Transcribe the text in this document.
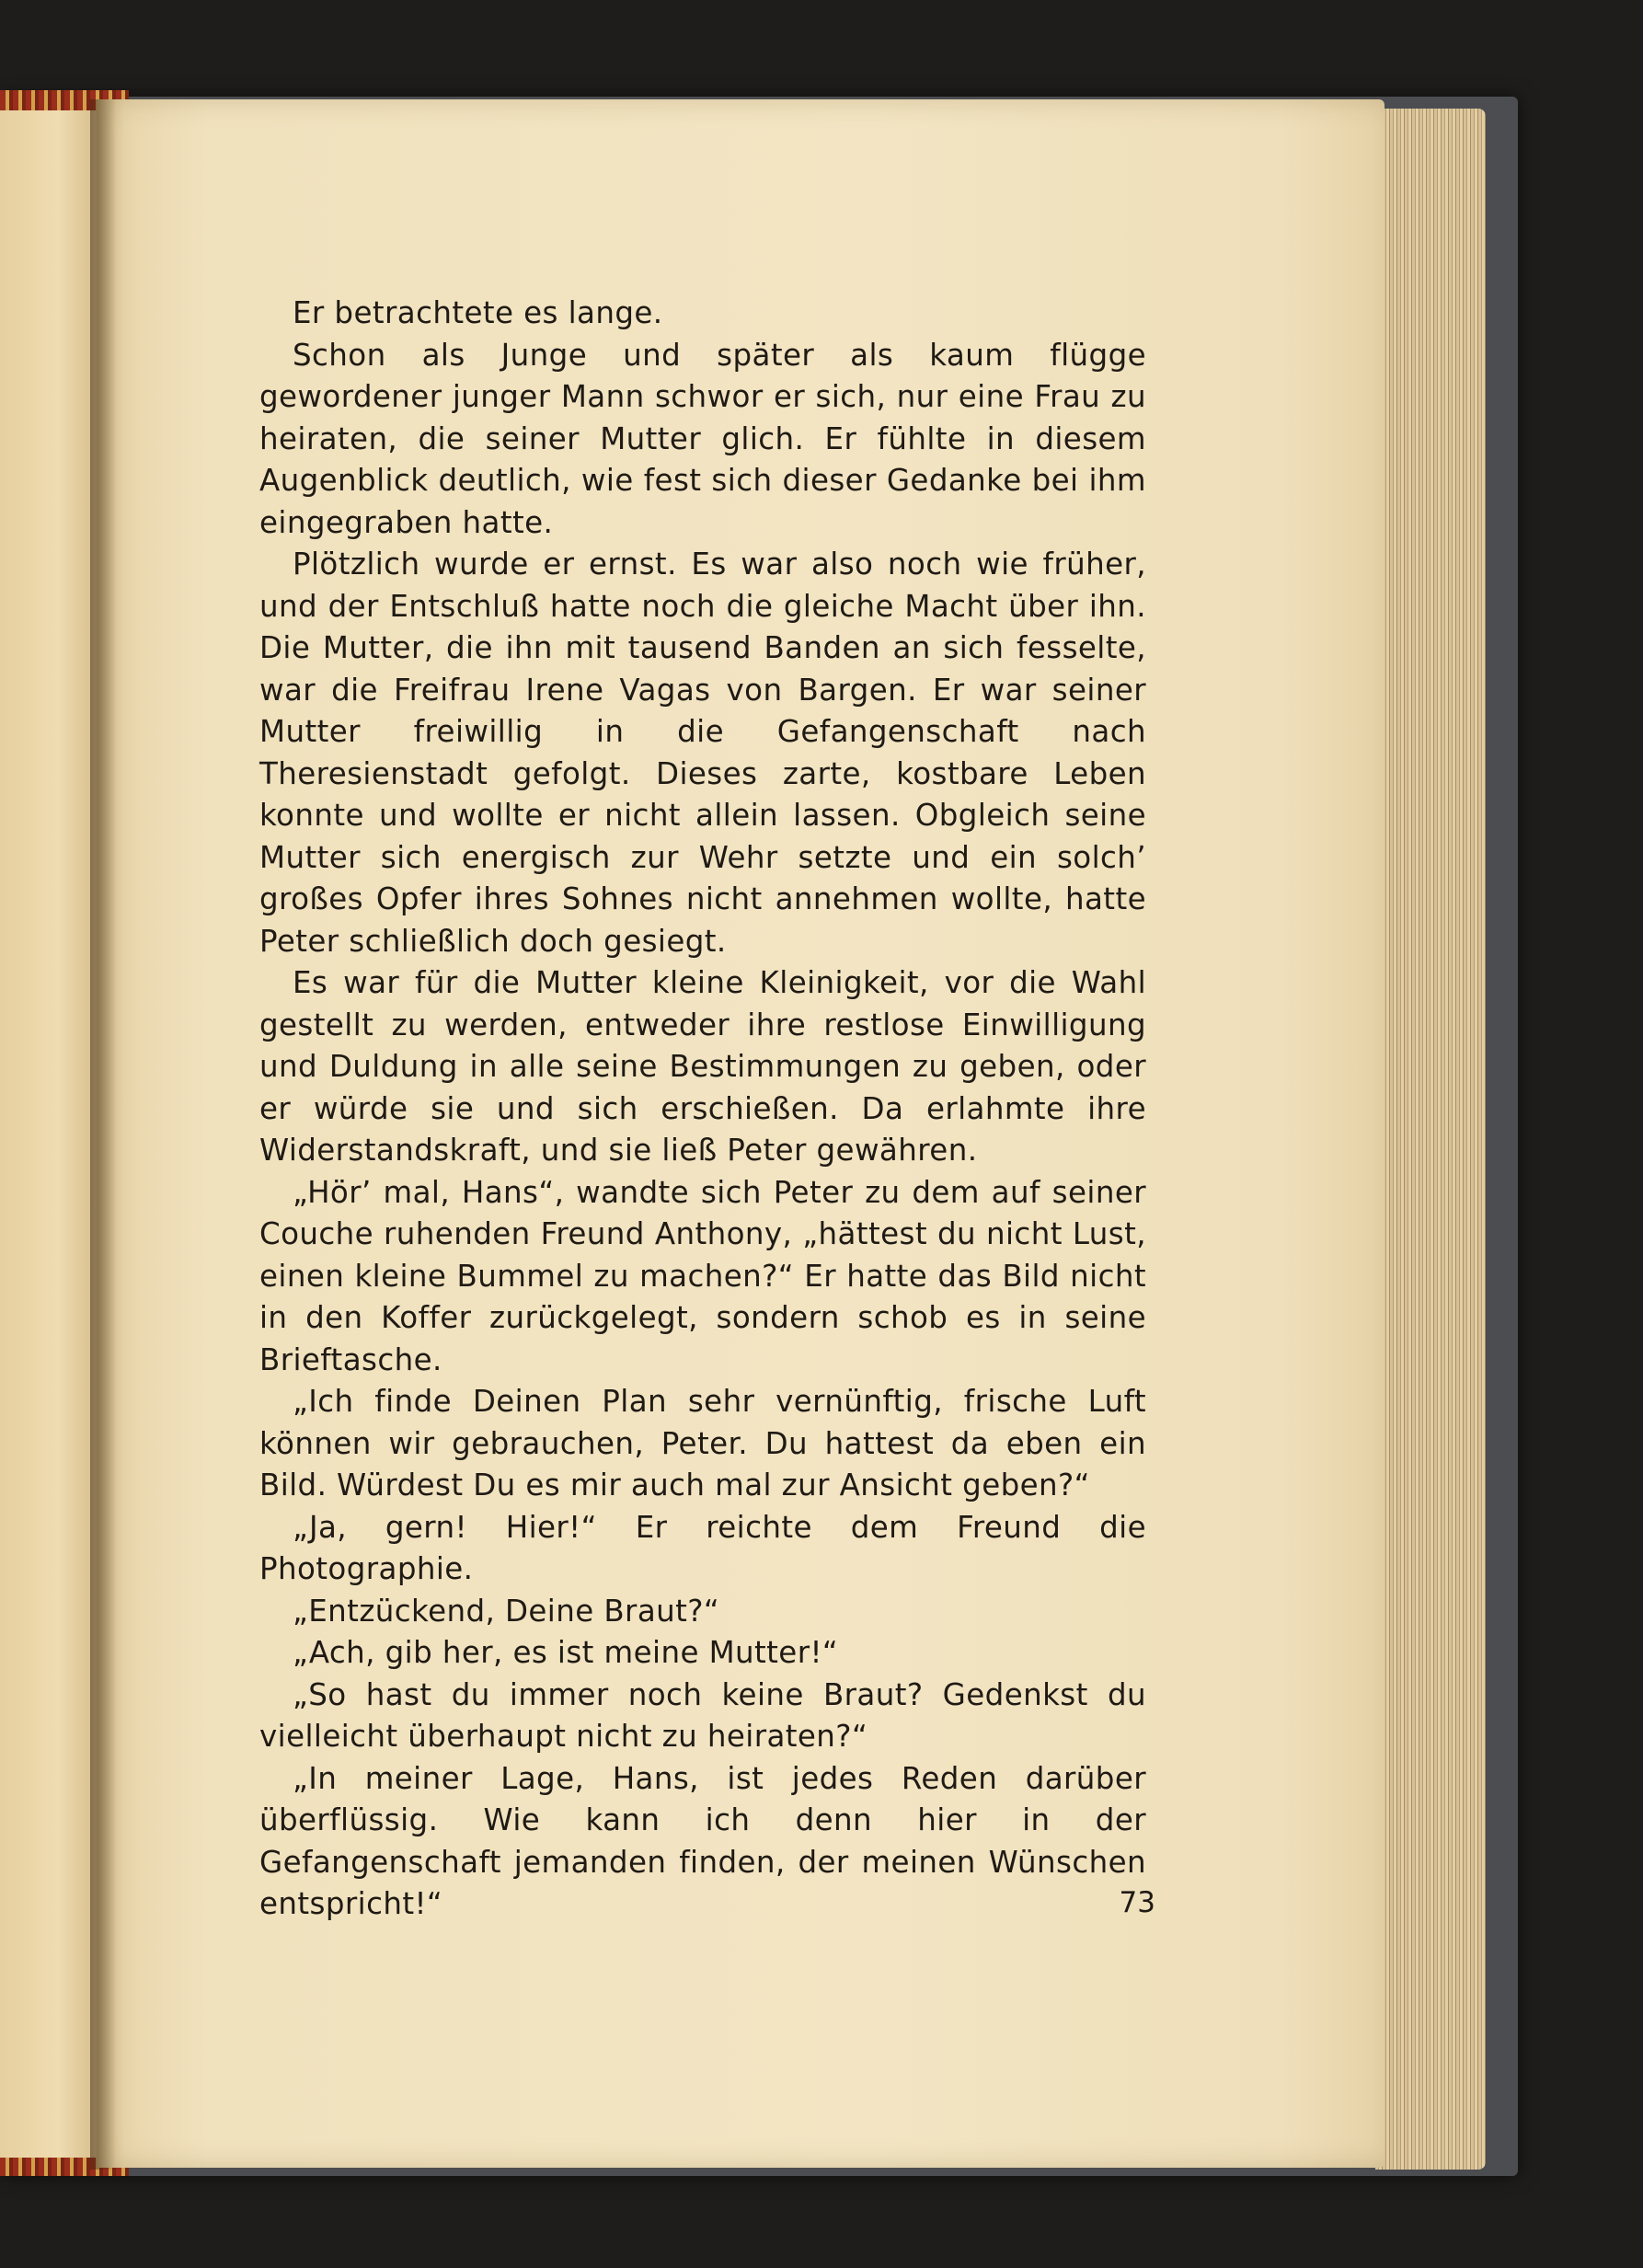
Er betrachtete es lange.

Schon als Junge und später als kaum flügge gewordener junger Mann schwor er sich, nur eine Frau zu heiraten, die seiner Mutter glich. Er fühlte in diesem Augenblick deutlich, wie fest sich dieser Gedanke bei ihm eingegraben hatte.

Plötzlich wurde er ernst. Es war also noch wie früher, und der Entschluß hatte noch die gleiche Macht über ihn. Die Mutter, die ihn mit tausend Banden an sich fesselte, war die Freifrau Irene Vagas von Bargen. Er war seiner Mutter freiwillig in die Gefangenschaft nach Theresienstadt gefolgt. Dieses zarte, kostbare Leben konnte und wollte er nicht allein lassen. Obgleich seine Mutter sich energisch zur Wehr setzte und ein solch’ großes Opfer ihres Sohnes nicht annehmen wollte, hatte Peter schließlich doch gesiegt.

Es war für die Mutter kleine Kleinigkeit, vor die Wahl gestellt zu werden, entweder ihre restlose Einwilligung und Duldung in alle seine Bestimmungen zu geben, oder er würde sie und sich erschießen. Da erlahmte ihre Widerstandskraft, und sie ließ Peter gewähren.

„Hör’ mal, Hans“, wandte sich Peter zu dem auf seiner Couche ruhenden Freund Anthony, „hättest du nicht Lust, einen kleine Bummel zu machen?“ Er hatte das Bild nicht in den Koffer zurückgelegt, sondern schob es in seine Brieftasche.

„Ich finde Deinen Plan sehr vernünftig, frische Luft können wir gebrauchen, Peter. Du hattest da eben ein Bild. Würdest Du es mir auch mal zur Ansicht geben?“

„Ja, gern! Hier!“ Er reichte dem Freund die Photographie.

„Entzückend, Deine Braut?“

„Ach, gib her, es ist meine Mutter!“

„So hast du immer noch keine Braut? Gedenkst du vielleicht überhaupt nicht zu heiraten?“

„In meiner Lage, Hans, ist jedes Reden darüber überflüssig. Wie kann ich denn hier in der Gefangenschaft jemanden finden, der meinen Wünschen entspricht!“	73
